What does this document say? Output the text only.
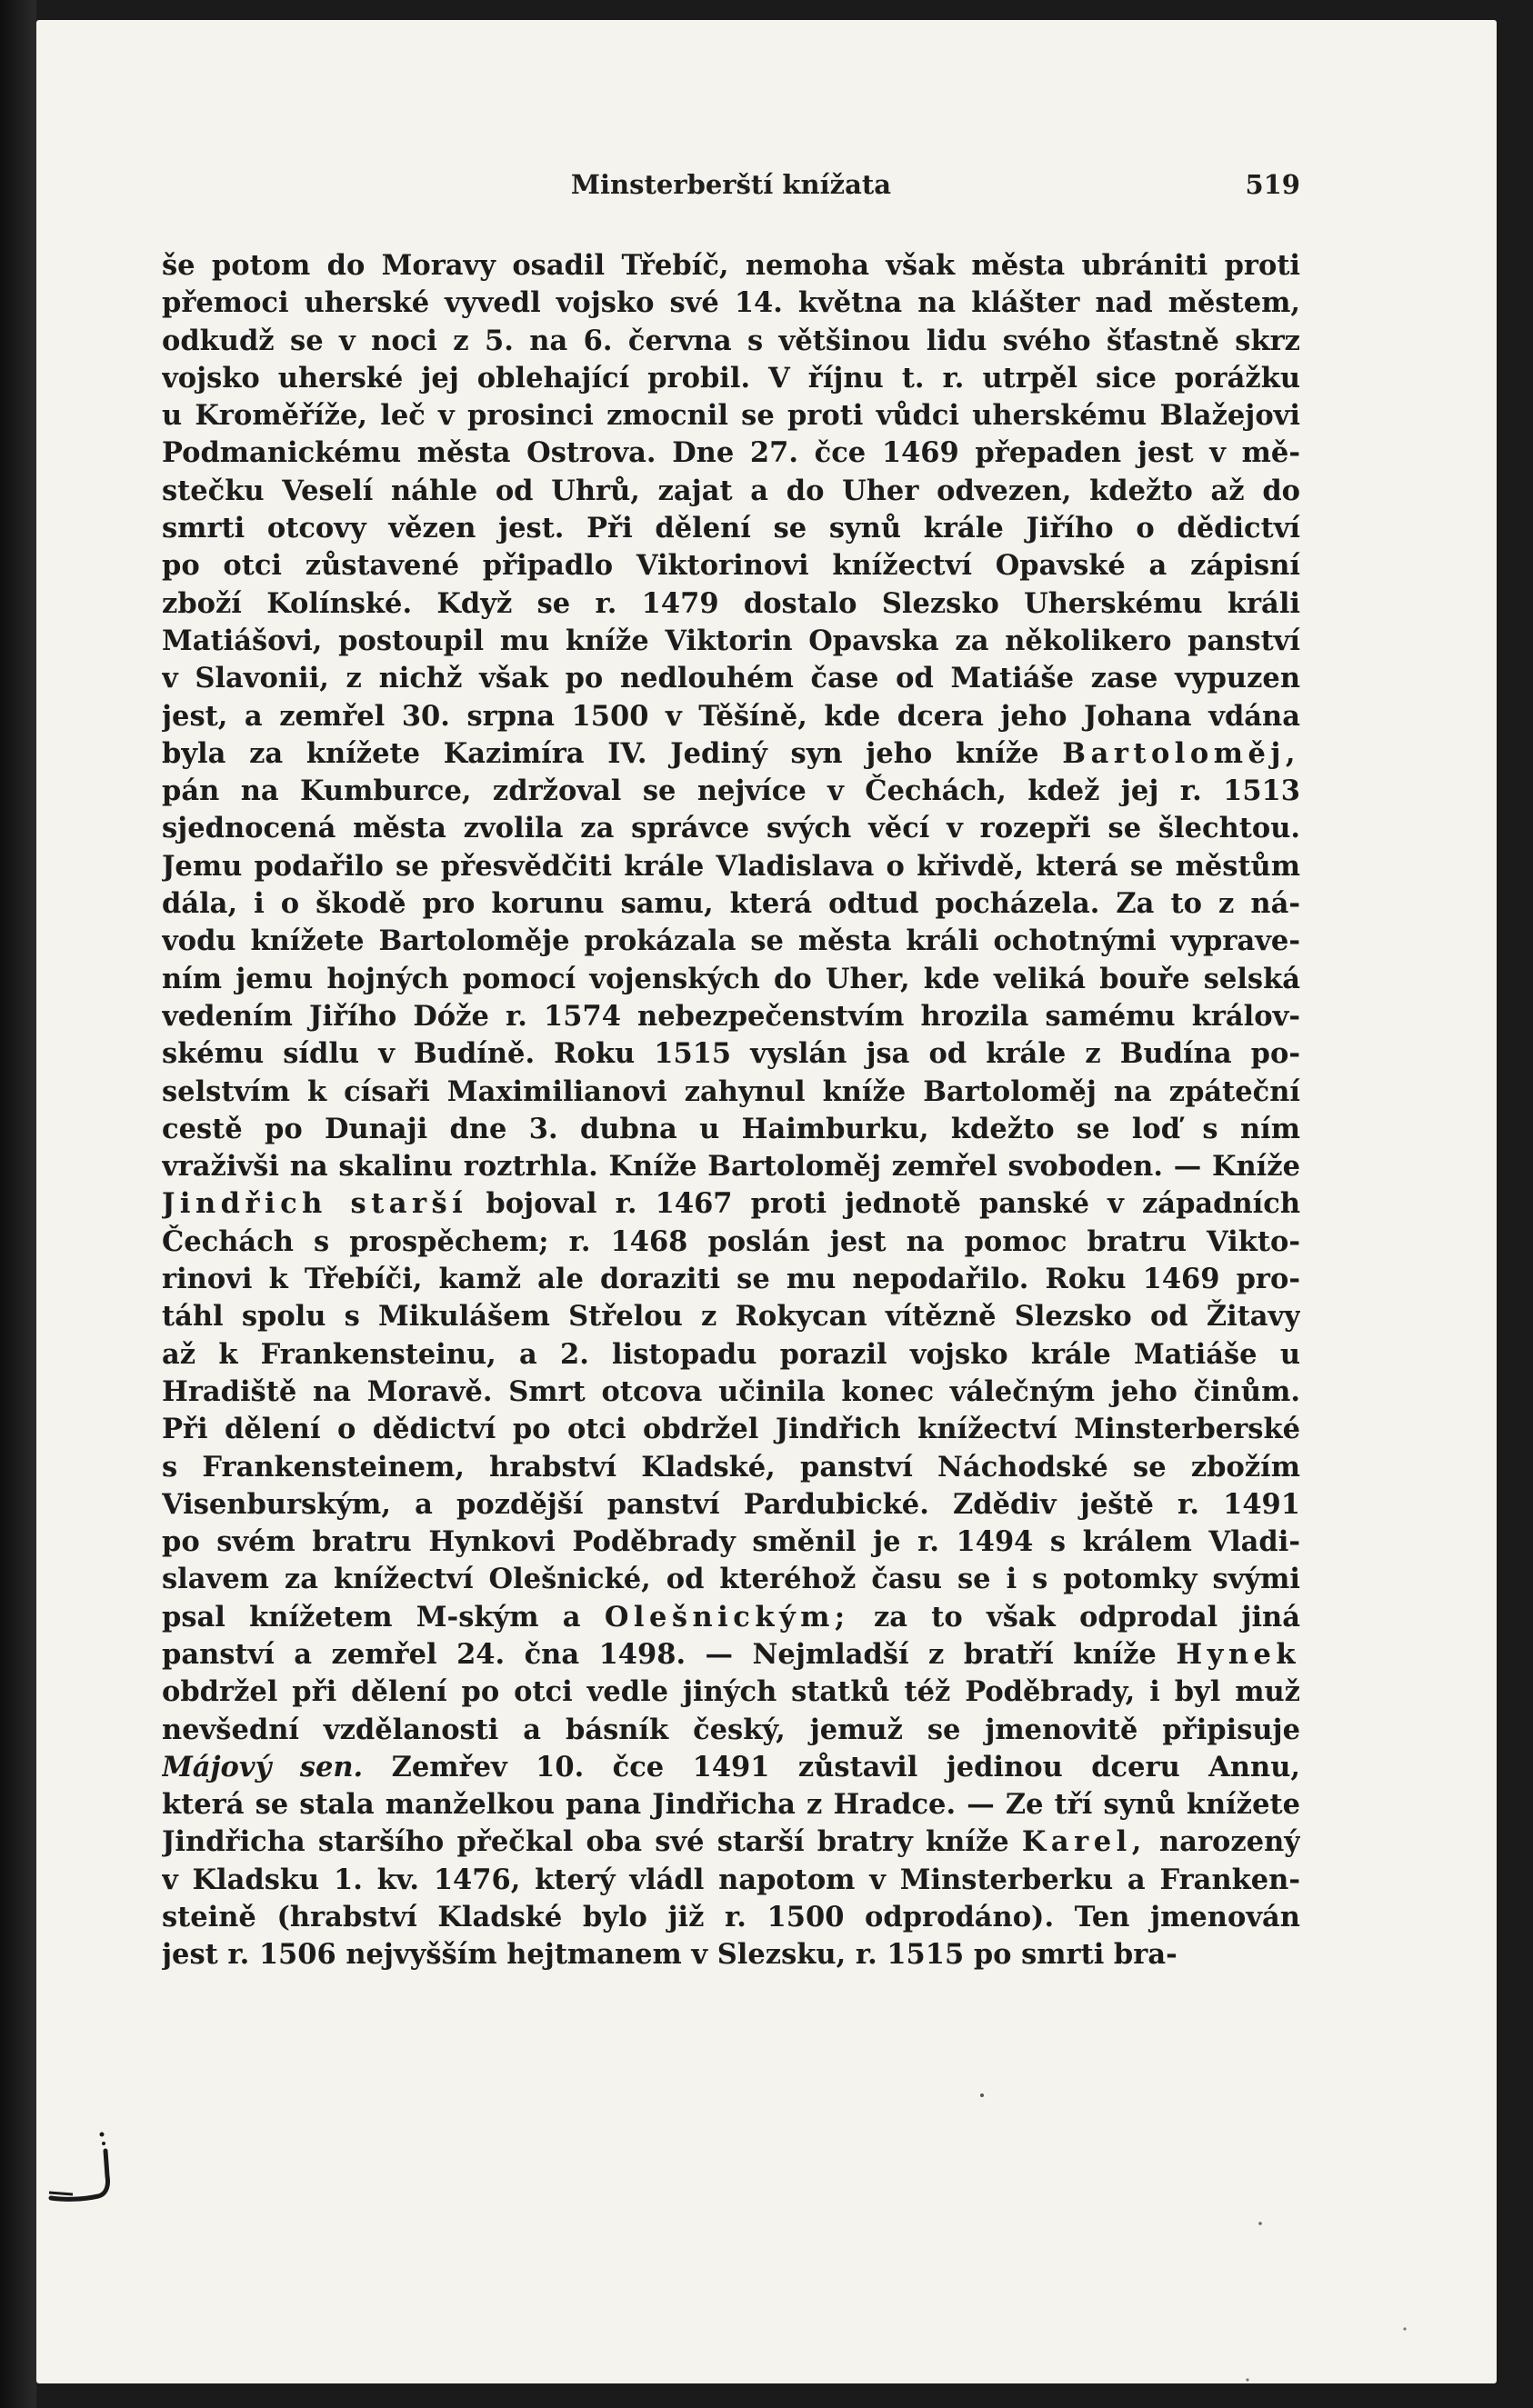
Minsterberští knížata	519
še potom do Moravy osadil Třebíč, nemoha však města ubrániti proti
přemoci uherské vyvedl vojsko své 14. května na klášter nad městem,
odkudž se v noci z 5. na 6. června s většinou lidu svého šťastně skrz
vojsko uherské jej oblehající probil. V říjnu t. r. utrpěl sice porážku
u Kroměříže, leč v prosinci zmocnil se proti vůdci uherskému Blažejovi
Podmanickému města Ostrova. Dne 27. čce 1469 přepaden jest v mě-
stečku Veselí náhle od Uhrů, zajat a do Uher odvezen, kdežto až do
smrti otcovy vězen jest. Při dělení se synů krále Jiřího o dědictví
po otci zůstavené připadlo Viktorinovi knížectví Opavské a zápisní
zboží Kolínské. Když se r. 1479 dostalo Slezsko Uherskému králi
Matiášovi, postoupil mu kníže Viktorin Opavska za několikero panství
v Slavonii, z nichž však po nedlouhém čase od Matiáše zase vypuzen
jest, a zemřel 30. srpna 1500 v Těšíně, kde dcera jeho Johana vdána
byla za knížete Kazimíra IV. Jediný syn jeho kníže Bartoloměj,
pán na Kumburce, zdržoval se nejvíce v Čechách, kdež jej r. 1513
sjednocená města zvolila za správce svých věcí v rozepři se šlechtou.
Jemu podařilo se přesvědčiti krále Vladislava o křivdě, která se městům
dála, i o škodě pro korunu samu, která odtud pocházela. Za to z ná-
vodu knížete Bartoloměje prokázala se města králi ochotnými vyprave-
ním jemu hojných pomocí vojenských do Uher, kde veliká bouře selská
vedením Jiřího Dóže r. 1574 nebezpečenstvím hrozila samému králov-
skému sídlu v Budíně. Roku 1515 vyslán jsa od krále z Budína po-
selstvím k císaři Maximilianovi zahynul kníže Bartoloměj na zpáteční
cestě po Dunaji dne 3. dubna u Haimburku, kdežto se loď s ním
vraživši na skalinu roztrhla. Kníže Bartoloměj zemřel svoboden. — Kníže
Jindřich starší bojoval r. 1467 proti jednotě panské v západních
Čechách s prospěchem; r. 1468 poslán jest na pomoc bratru Vikto-
rinovi k Třebíči, kamž ale doraziti se mu nepodařilo. Roku 1469 pro-
táhl spolu s Mikulášem Střelou z Rokycan vítězně Slezsko od Žitavy
až k Frankensteinu, a 2. listopadu porazil vojsko krále Matiáše u
Hradiště na Moravě. Smrt otcova učinila konec válečným jeho činům.
Při dělení o dědictví po otci obdržel Jindřich knížectví Minsterberské
s Frankensteinem, hrabství Kladské, panství Náchodské se zbožím
Visenburským, a pozdější panství Pardubické. Zdědiv ještě r. 1491
po svém bratru Hynkovi Poděbrady směnil je r. 1494 s králem Vladi-
slavem za knížectví Olešnické, od kteréhož času se i s potomky svými
psal knížetem M-ským a Olešnickým; za to však odprodal jiná
panství a zemřel 24. čna 1498. — Nejmladší z bratří kníže Hynek
obdržel při dělení po otci vedle jiných statků též Poděbrady, i byl muž
nevšední vzdělanosti a básník český, jemuž se jmenovitě připisuje
Májový sen. Zemřev 10. čce 1491 zůstavil jedinou dceru Annu,
která se stala manželkou pana Jindřicha z Hradce. — Ze tří synů knížete
Jindřicha staršího přečkal oba své starší bratry kníže Karel, narozený
v Kladsku 1. kv. 1476, který vládl napotom v Minsterberku a Franken-
steině (hrabství Kladské bylo již r. 1500 odprodáno). Ten jmenován
jest r. 1506 nejvyšším hejtmanem v Slezsku, r. 1515 po smrti bra-
